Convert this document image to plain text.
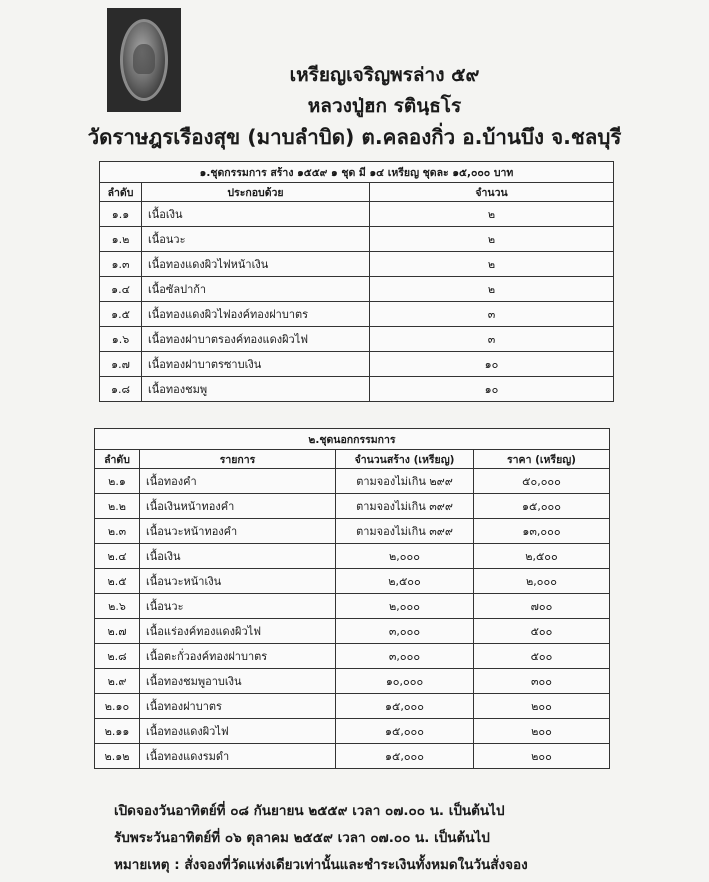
เหรียญเจริญพรล่าง ๕๙
หลวงปู่ฮก รตินฺธโร
วัดราษฎรเรืองสุข (มาบลำบิด) ต.คลองกิ่ว อ.บ้านบึง จ.ชลบุรี
๑.ชุดกรรมการ สร้าง ๑๕๕๙ ๑ ชุด มี ๑๔ เหรียญ ชุดละ ๑๕,๐๐๐ บาท		
ลำดับ	ประกอบด้วย	จำนวน
๑.๑	เนื้อเงิน	๒
๑.๒	เนื้อนวะ	๒
๑.๓	เนื้อทองแดงผิวไฟหน้าเงิน	๒
๑.๔	เนื้อซัลปาก้า	๒
๑.๕	เนื้อทองแดงผิวไฟองค์ทองฝาบาตร	๓
๑.๖	เนื้อทองฝาบาตรองค์ทองแดงผิวไฟ	๓
๑.๗	เนื้อทองฝาบาตรซาบเงิน	๑๐
๑.๘	เนื้อทองชมพู	๑๐
๒.ชุดนอกกรรมการ			
ลำดับ	รายการ	จำนวนสร้าง (เหรียญ)	ราคา (เหรียญ)
๒.๑	เนื้อทองคำ	ตามจองไม่เกิน ๒๙๙	๕๐,๐๐๐
๒.๒	เนื้อเงินหน้าทองคำ	ตามจองไม่เกิน ๓๙๙	๑๕,๐๐๐
๒.๓	เนื้อนวะหน้าทองคำ	ตามจองไม่เกิน ๓๙๙	๑๓,๐๐๐
๒.๔	เนื้อเงิน	๒,๐๐๐	๒,๕๐๐
๒.๕	เนื้อนวะหน้าเงิน	๒,๕๐๐	๒,๐๐๐
๒.๖	เนื้อนวะ	๒,๐๐๐	๗๐๐
๒.๗	เนื้อแร่องค์ทองแดงผิวไฟ	๓,๐๐๐	๕๐๐
๒.๘	เนื้อตะกั่วองค์ทองฝาบาตร	๓,๐๐๐	๕๐๐
๒.๙	เนื้อทองชมพูอาบเงิน	๑๐,๐๐๐	๓๐๐
๒.๑๐	เนื้อทองฝาบาตร	๑๕,๐๐๐	๒๐๐
๒.๑๑	เนื้อทองแดงผิวไฟ	๑๕,๐๐๐	๒๐๐
๒.๑๒	เนื้อทองแดงรมดำ	๑๕,๐๐๐	๒๐๐

เปิดจองวันอาทิตย์ที่ ๐๘ กันยายน ๒๕๕๙ เวลา ๐๗.๐๐ น. เป็นต้นไป

รับพระวันอาทิตย์ที่ ๐๖ ตุลาคม ๒๕๕๙ เวลา ๐๗.๐๐ น. เป็นต้นไป

หมายเหตุ : สั่งจองที่วัดแห่งเดียวเท่านั้นและชำระเงินทั้งหมดในวันสั่งจอง
